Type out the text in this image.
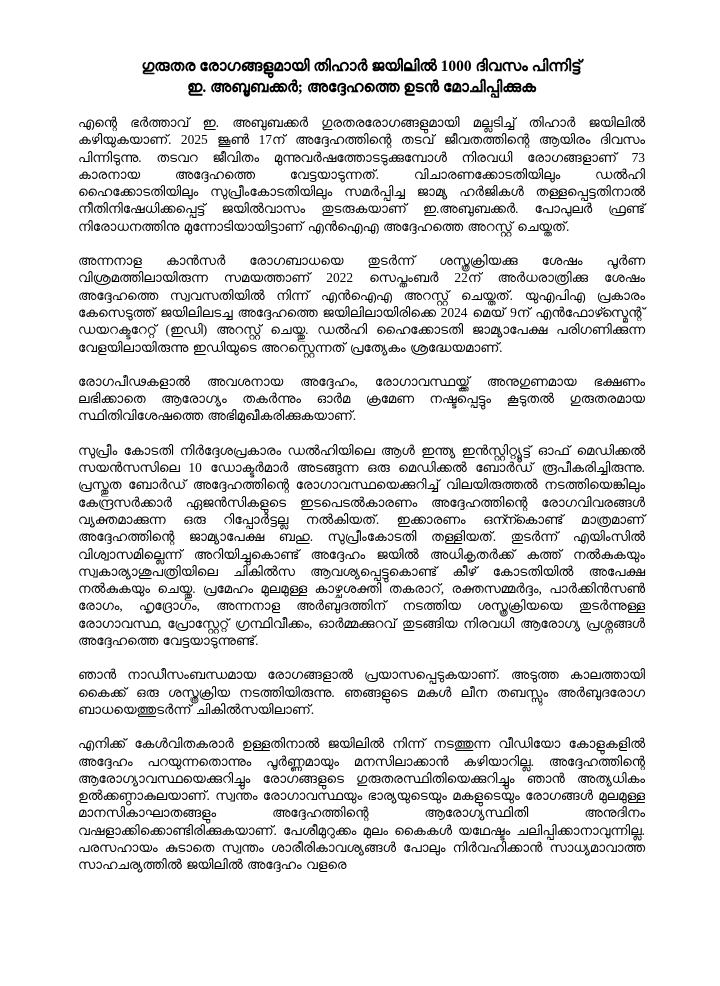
ഗുരുതര രോഗങ്ങളുമായി തിഹാർ ജയിലിൽ 1000 ദിവസം പിന്നിട്ട്
ഇ. അബൂബക്കർ; അദ്ദേഹത്തെ ഉടൻ മോചിപ്പിക്കുക

എന്റെ ഭർത്താവ് ഇ. അബുബക്കർ ഗുരതരരോഗങ്ങളുമായി മല്ലടിച്ച് തിഹാർ ജയിലിൽ കഴിയുകയാണ്. 2025 ജൂൺ 17ന് അദ്ദേഹത്തിന്റെ തടവ് ജീവതത്തിന്റെ ആയിരം ദിവസം പിന്നിടുന്നു. തടവറ ജീവിതം മുന്നുവർഷത്തോടടുക്കുമ്പോൾ നിരവധി രോഗങ്ങളാണ് 73 കാരനായ അദ്ദേഹത്തെ വേട്ടയാടുന്നത്. വിചാരണക്കോടതിയിലും ഡൽഹി ഹൈക്കോടതിയിലും സുപ്രീംകോടതിയിലും സമർപ്പിച്ച ജാമ്യ ഹർജികൾ തള്ളപ്പെട്ടതിനാൽ നീതിനിഷേധിക്കപ്പെട്ട് ജയിൽവാസം തുടരുകയാണ് ഇ.അബുബക്കർ. പോപുലർ ഫ്രണ്ട് നിരോധനത്തിനു മുന്നോടിയായിട്ടാണ് എൻഐഎ അദ്ദേഹത്തെ അറസ്റ്റ് ചെയ്തത്.

അന്നനാള കാൻസർ രോഗബാധയെ തുടർന്ന് ശസ്ത്രക്രിയക്കു ശേഷം പൂർണ വിശ്രമത്തിലായിരുന്ന സമയത്താണ് 2022 സെപ്തംബർ 22ന് അർധരാത്രിക്കു ശേഷം അദ്ദേഹത്തെ സ്വവസതിയിൽ നിന്ന് എൻഐഎ അറസ്റ്റ് ചെയ്തത്. യുഎപിഎ പ്രകാരം കേസെടുത്ത് ജയിലിലടച്ച അദ്ദേഹത്തെ ജയിലിലായിരിക്കെ 2024 മെയ് 9ന് എൻഫോഴ്സ്മെന്റ് ഡയറക്ടറേറ്റ് (ഇഡി) അറസ്റ്റ് ചെയ്തു. ഡൽഹി ഹൈക്കോടതി ജാമ്യാപേക്ഷ പരിഗണിക്കുന്ന വേളയിലായിരുന്നു ഇഡിയുടെ അറസ്റ്റെന്നത് പ്രത്യേകം ശ്രദ്ധേയമാണ്.

രോഗപീഢകളാൽ അവശനായ അദ്ദേഹം, രോഗാവസ്ഥയ്ക്ക് അനുഗുണമായ ഭക്ഷണം ലഭിക്കാതെ ആരോഗ്യം തകർന്നും ഓർമ ക്രമേണ നഷ്ടപ്പെട്ടും കൂടുതൽ ഗുരുതരമായ സ്ഥിതിവിശേഷത്തെ അഭിമുഖീകരിക്കുകയാണ്.

സുപ്രീം കോടതി നിർദ്ദേശപ്രകാരം ഡൽഹിയിലെ ആൾ ഇന്ത്യ ഇൻസ്റ്റിറ്റ്യൂട്ട് ഓഫ് മെഡിക്കൽ സയൻസസിലെ 10 ഡോക്ടർമാർ അടങ്ങുന്ന ഒരു മെഡിക്കൽ ബോർഡ് രൂപീകരിച്ചിരുന്നു. പ്രസ്തുത ബോർഡ് അദ്ദേഹത്തിന്റെ രോഗാവസ്ഥയെക്കുറിച്ച് വിലയിരുത്തൽ നടത്തിയെങ്കിലും കേന്ദ്രസർക്കാർ ഏജൻസികളുടെ ഇടപെടൽകാരണം അദ്ദേഹത്തിന്റെ രോഗവിവരങ്ങൾ വ്യക്തമാക്കുന്ന ഒരു റിപ്പോർട്ടല്ല നൽകിയത്. ഇക്കാരണം ഒന്ന്കൊണ്ട് മാത്രമാണ് അദ്ദേഹത്തിന്റെ ജാമ്യാപേക്ഷ ബഹു. സുപ്രീംകോടതി തള്ളിയത്. തുടർന്ന് എയിംസിൽ വിശ്വാസമില്ലെന്ന് അറിയിച്ചുകൊണ്ട് അദ്ദേഹം ജയിൽ അധികൃതർക്ക് കത്ത് നൽകുകയും സ്വകാര്യാശുപത്രിയിലെ ചികിൽസ ആവശ്യപ്പെട്ടുകൊണ്ട് കീഴ് കോടതിയിൽ അപേക്ഷ നൽകുകയും ചെയ്തു. പ്രമേഹം മുലമുള്ള കാഴ്ചശക്തി തകരാറ്, രക്തസമ്മർദ്ദം, പാർക്കിൻസൺ രോഗം, ഹൃദ്രോഗം, അന്നനാള അർബുദത്തിന് നടത്തിയ ശസ്ത്രക്രിയയെ തുടർന്നുള്ള രോഗാവസ്ഥ, പ്രോസ്റ്റേറ്റ് ഗ്രന്ഥിവീക്കം, ഓർമ്മക്കുറവ് തുടങ്ങിയ നിരവധി ആരോഗ്യ പ്രശ്നങ്ങൾ അദ്ദേഹത്തെ വേട്ടയാടുന്നുണ്ട്.

ഞാൻ നാഡീസംബന്ധമായ രോഗങ്ങളാൽ പ്രയാസപ്പെടുകയാണ്. അടുത്ത കാലത്തായി കൈക്ക് ഒരു ശസ്ത്രക്രിയ നടത്തിയിരുന്നു. ഞങ്ങളുടെ മകൾ ലീന തബസ്സും അർബുദരോഗ ബാധയെത്തുടർന്ന് ചികിൽസയിലാണ്.

എനിക്ക് കേൾവിതകരാർ ഉള്ളതിനാൽ ജയിലിൽ നിന്ന് നടത്തുന്ന വീഡിയോ കോളുകളിൽ അദ്ദേഹം പറയുന്നതൊന്നും പൂർണ്ണമായും മനസിലാക്കാൻ കഴിയാറില്ല. അദ്ദേഹത്തിന്റെ ആരോഗ്യാവസ്ഥയെക്കുറിച്ചും രോഗങ്ങളുടെ ഗുരുതരസ്ഥിതിയെക്കുറിച്ചും ഞാൻ അത്യധികം ഉൽക്കണ്ഠാകുലയാണ്. സ്വന്തം രോഗാവസ്ഥയും ഭാര്യയുടെയും മകളുടെയും രോഗങ്ങൾ മുലമുള്ള മാനസികാഘാതങ്ങളും അദ്ദേഹത്തിന്റെ ആരോഗ്യസ്ഥിതി അനുദിനം വഷളാക്കിക്കൊണ്ടിരിക്കുകയാണ്. പേശീമുറുക്കം മുലം കൈകൾ യഥേഷ്ടം ചലിപ്പിക്കാനാവുന്നില്ല. പരസഹായം കുടാതെ സ്വന്തം ശാരീരികാവശ്യങ്ങൾ പോലും നിർവഹിക്കാൻ സാധ്യമാവാത്ത സാഹചര്യത്തിൽ ജയിലിൽ അദ്ദേഹം വളരെ
